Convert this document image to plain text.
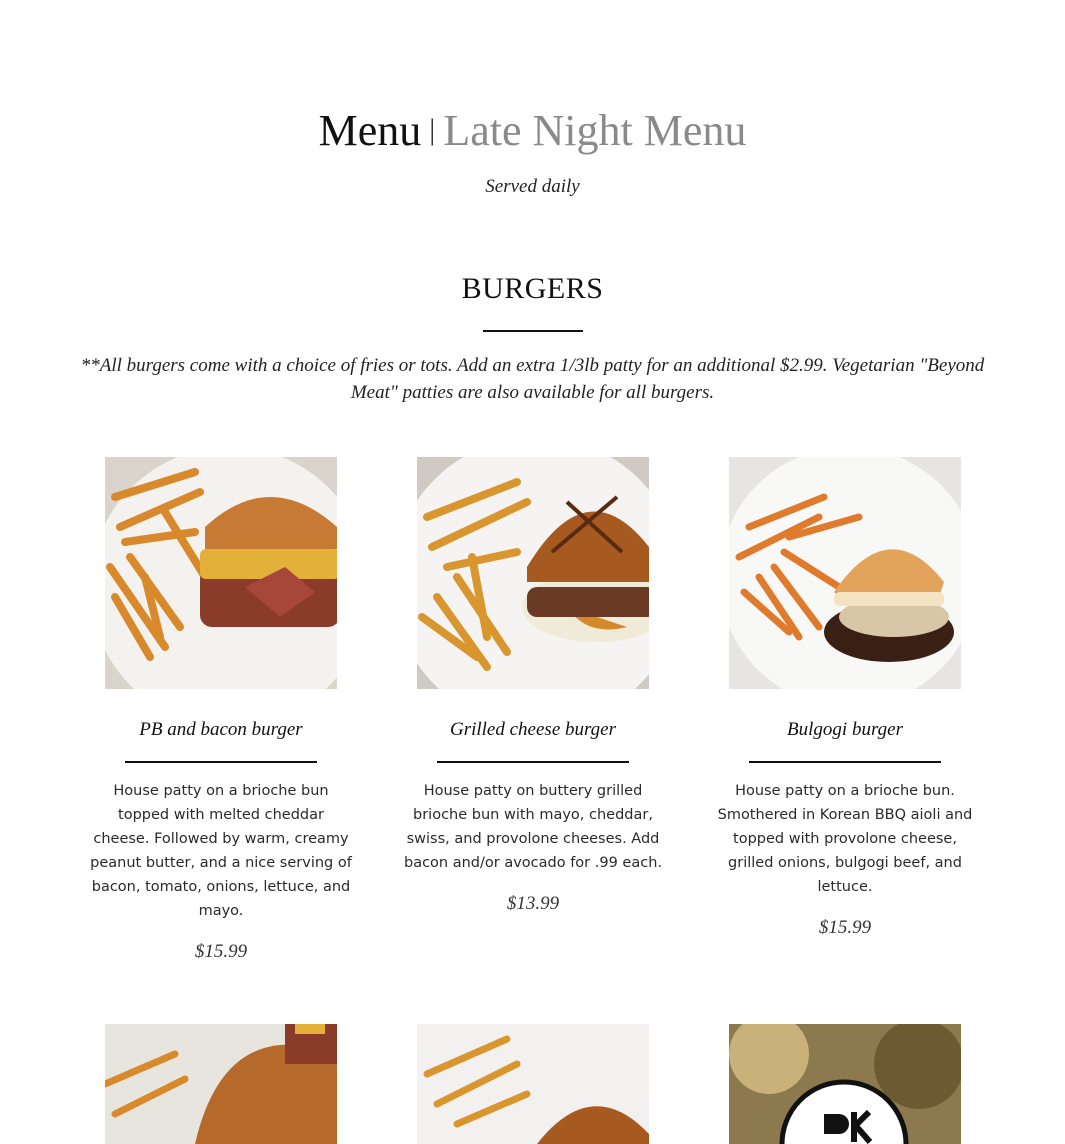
Menu | Late Night Menu
Served daily
BURGERS
**All burgers come with a choice of fries or tots. Add an extra 1/3lb patty for an additional $2.99. Vegetarian "Beyond Meat" patties are also available for all burgers.
PB and bacon burger
House patty on a brioche bun topped with melted cheddar cheese. Followed by warm, creamy peanut butter, and a nice serving of bacon, tomato, onions, lettuce, and mayo.
$15.99
Grilled cheese burger
House patty on buttery grilled brioche bun with mayo, cheddar, swiss, and provolone cheeses. Add bacon and/or avocado for .99 each.
$13.99
Bulgogi burger
House patty on a brioche bun. Smothered in Korean BBQ aioli and topped with provolone cheese, grilled onions, bulgogi beef, and lettuce.
$15.99
